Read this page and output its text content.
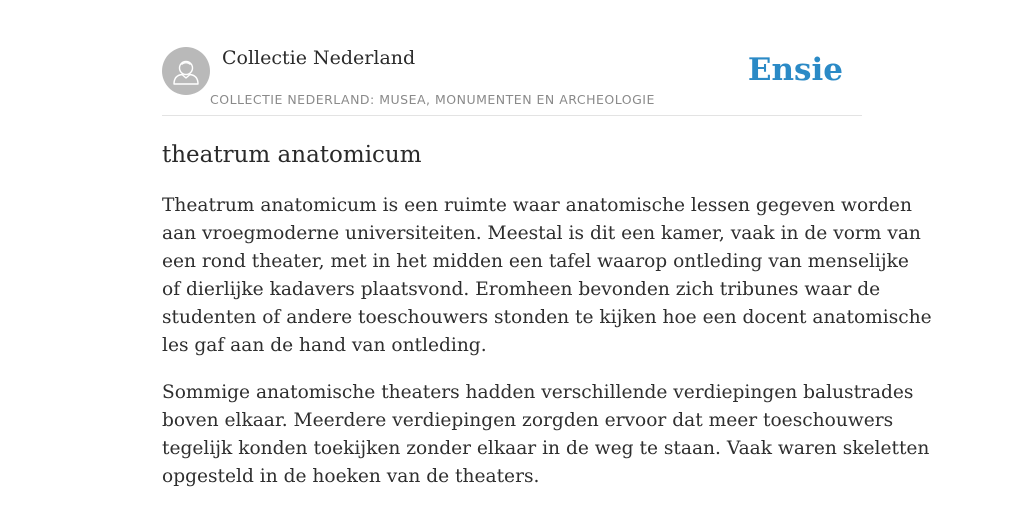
Collectie Nederland
COLLECTIE NEDERLAND: MUSEA, MONUMENTEN EN ARCHEOLOGIE
Ensie
theatrum anatomicum

Theatrum anatomicum is een ruimte waar anatomische lessen gegeven worden
aan vroegmoderne universiteiten. Meestal is dit een kamer, vaak in de vorm van
een rond theater, met in het midden een tafel waarop ontleding van menselijke
of dierlijke kadavers plaatsvond. Eromheen bevonden zich tribunes waar de
studenten of andere toeschouwers stonden te kijken hoe een docent anatomische
les gaf aan de hand van ontleding.

Sommige anatomische theaters hadden verschillende verdiepingen balustrades
boven elkaar. Meerdere verdiepingen zorgden ervoor dat meer toeschouwers
tegelijk konden toekijken zonder elkaar in de weg te staan. Vaak waren skeletten
opgesteld in de hoeken van de theaters.
